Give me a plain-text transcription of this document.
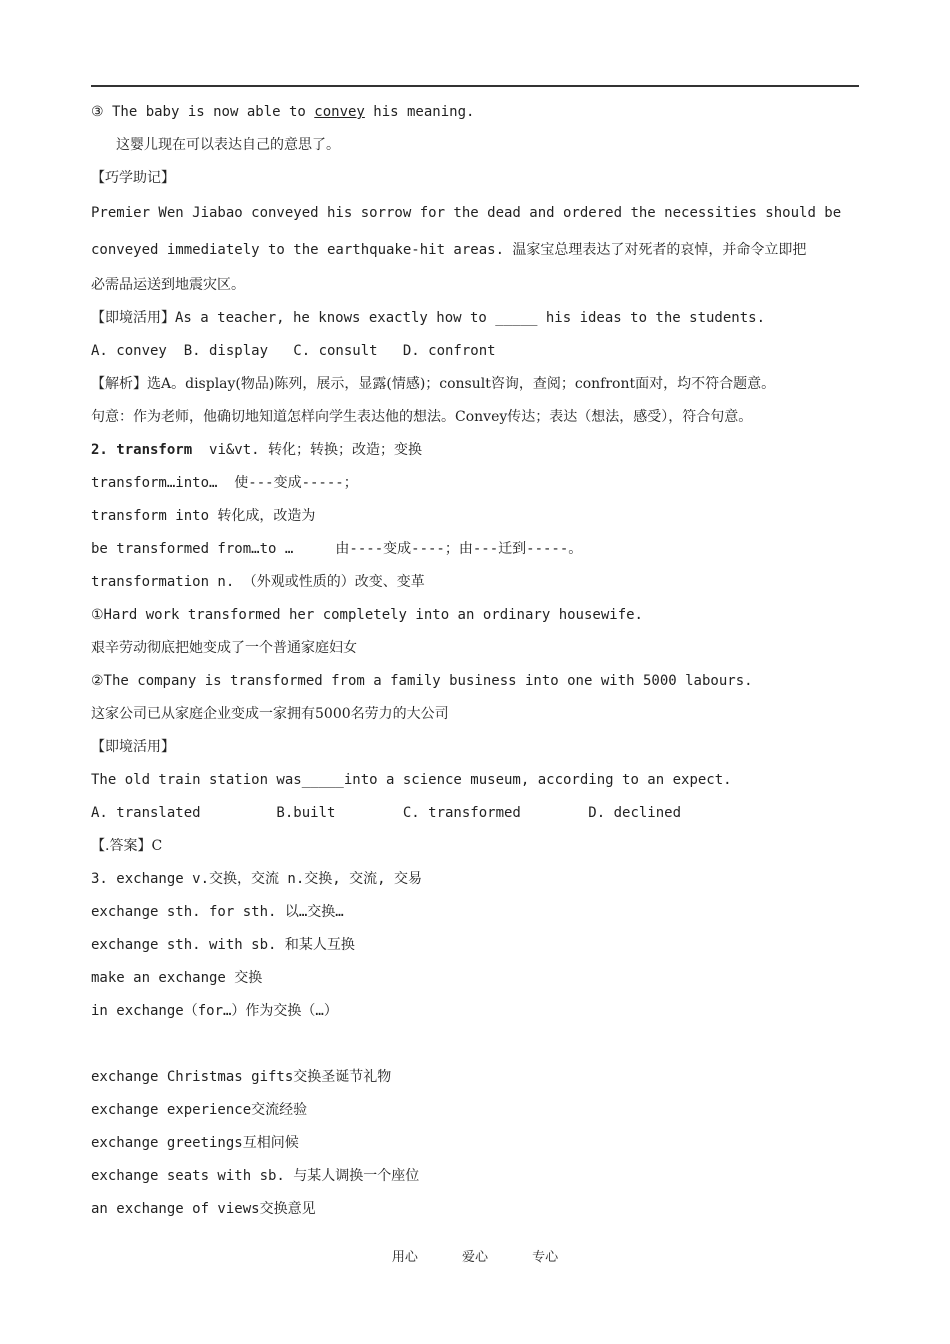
③ The baby is now able to convey his meaning.
这婴儿现在可以表达自己的意思了。
【巧学助记】
Premier Wen Jiabao conveyed his sorrow for the dead and ordered the necessities should be
conveyed immediately to the earthquake-hit areas. 温家宝总理表达了对死者的哀悼，并命令立即把
必需品运送到地震灾区。
【即境活用】As a teacher, he knows exactly how to _____ his ideas to the students.
A. convey  B. display   C. consult   D. confront
【解析】选A。display(物品)陈列，展示，显露(情感)；consult咨询，查阅；confront面对，均不符合题意。
句意：作为老师，他确切地知道怎样向学生表达他的想法。Convey传达；表达（想法，感受），符合句意。
2. transform  vi&vt. 转化；转换；改造；变换
transform…into…  使---变成-----；
transform into 转化成，改造为
be transformed from…to …     由----变成----；由---迁到-----。
transformation n. （外观或性质的）改变、变革
①Hard work transformed her completely into an ordinary housewife.
艰辛劳动彻底把她变成了一个普通家庭妇女
②The company is transformed from a family business into one with 5000 labours.
这家公司已从家庭企业变成一家拥有5000名劳力的大公司
【即境活用】
The old train station was_____into a science museum, according to an expect.
A. translated         B.built        C. transformed        D. declined
【.答案】C
3. exchange v.交换，交流 n.交换, 交流, 交易
exchange sth. for sth. 以…交换…
exchange sth. with sb. 和某人互换
make an exchange 交换
in exchange（for…）作为交换（…）
exchange Christmas gifts交换圣诞节礼物
exchange experience交流经验
exchange greetings互相问候
exchange seats with sb. 与某人调换一个座位
an exchange of views交换意见
用心	爱心	专心
